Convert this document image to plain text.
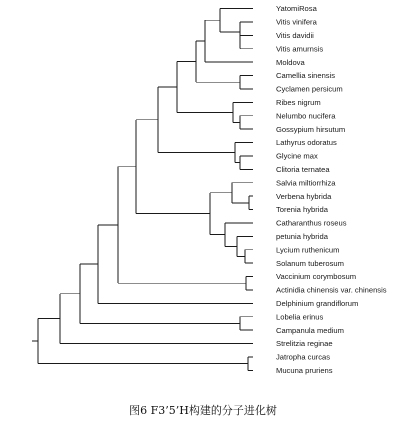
YatomiRosa
Vitis vinifera
Vitis davidii
Vitis amurnsis
Moldova
Camellia sinensis
Cyclamen persicum
Ribes nigrum
Nelumbo nucifera
Gossypium hirsutum
Lathyrus odoratus
Glycine max
Clitoria ternatea
Salvia miltiorrhiza
Verbena hybrida
Torenia hybrida
Catharanthus roseus
petunia hybrida
Lycium ruthenicum
Solanum tuberosum
Vaccinium corymbosum
Actinidia chinensis var. chinensis
Delphinium grandiflorum
Lobelia erinus
Campanula medium
Strelitzia reginae
Jatropha curcas
Mucuna pruriens
图6 F3’5’H构建的分子进化树
